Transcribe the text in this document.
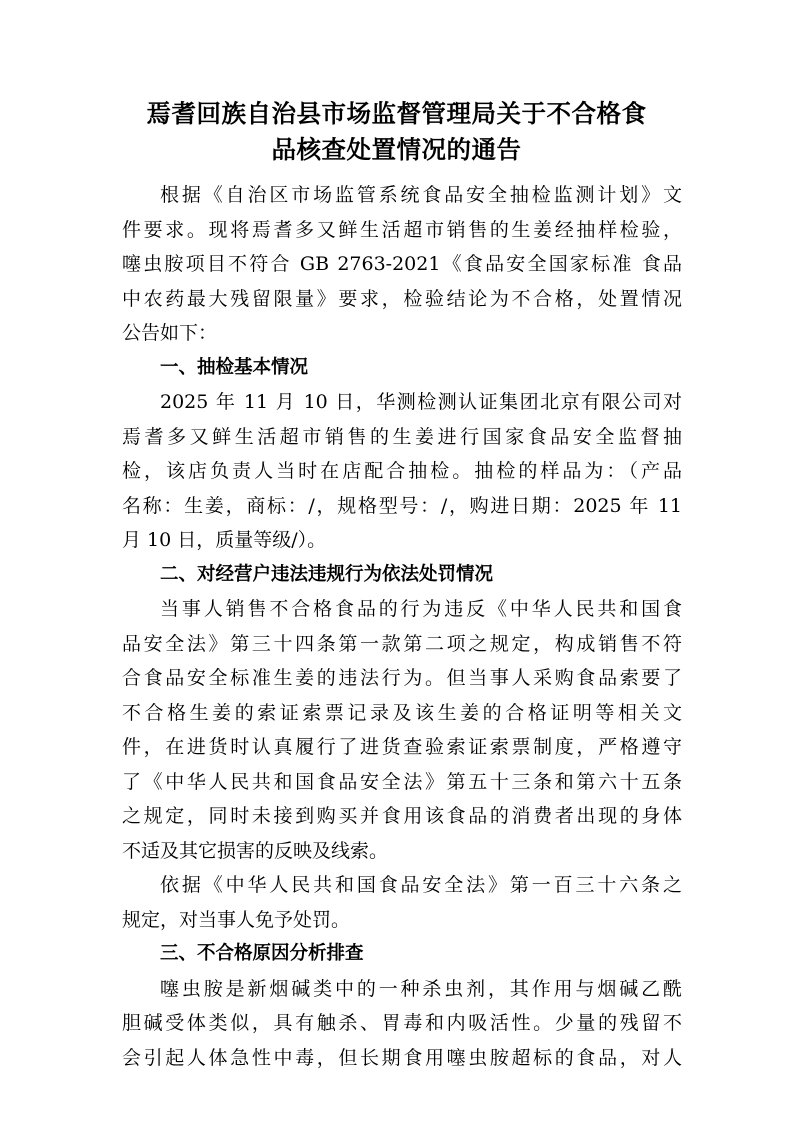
焉耆回族自治县市场监督管理局关于不合格食
品核查处置情况的通告
根据《自治区市场监管系统食品安全抽检监测计划》文
件要求。现将焉耆多又鲜生活超市销售的生姜经抽样检验，
噻虫胺项目不符合 GB 2763-2021《食品安全国家标准 食品
中农药最大残留限量》要求，检验结论为不合格，处置情况
公告如下：
一、抽检基本情况
2025 年 11 月 10 日，华测检测认证集团北京有限公司对
焉耆多又鲜生活超市销售的生姜进行国家食品安全监督抽
检，该店负责人当时在店配合抽检。抽检的样品为：（产品
名称：生姜，商标：/，规格型号：/，购进日期：2025 年 11
月 10 日，质量等级/）。
二、对经营户违法违规行为依法处罚情况
当事人销售不合格食品的行为违反《中华人民共和国食
品安全法》第三十四条第一款第二项之规定，构成销售不符
合食品安全标准生姜的违法行为。但当事人采购食品索要了
不合格生姜的索证索票记录及该生姜的合格证明等相关文
件，在进货时认真履行了进货查验索证索票制度，严格遵守
了《中华人民共和国食品安全法》第五十三条和第六十五条
之规定，同时未接到购买并食用该食品的消费者出现的身体
不适及其它损害的反映及线索。
依据《中华人民共和国食品安全法》第一百三十六条之
规定，对当事人免予处罚。
三、不合格原因分析排查
噻虫胺是新烟碱类中的一种杀虫剂，其作用与烟碱乙酰
胆碱受体类似，具有触杀、胃毒和内吸活性。少量的残留不
会引起人体急性中毒，但长期食用噻虫胺超标的食品，对人
